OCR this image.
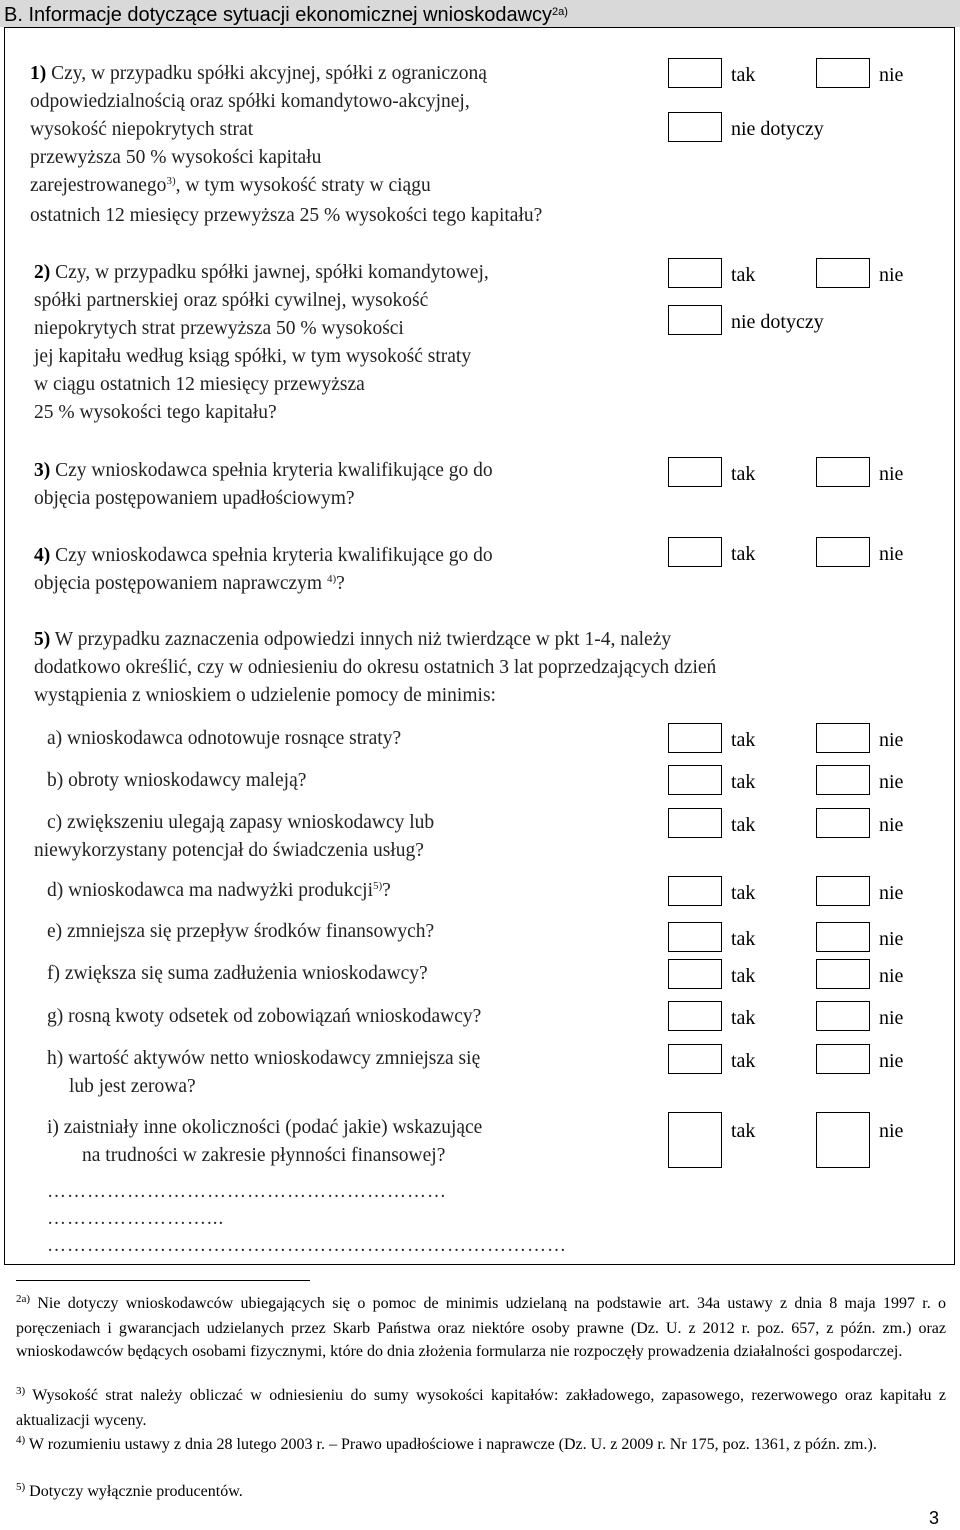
B. Informacje dotyczące sytuacji ekonomicznej wnioskodawcy$^{2a)}$
1) Czy, w przypadku spółki akcyjnej, spółki z ograniczoną
odpowiedzialnością oraz spółki komandytowo-akcyjnej,
wysokość niepokrytych strat
przewyższa 50 % wysokości kapitału
zarejestrowanego$^{3)}$, w tym wysokość straty w ciągu
ostatnich 12 miesięcy przewyższa 25 % wysokości tego kapitału?
tak	nie
nie dotyczy
2) Czy, w przypadku spółki jawnej, spółki komandytowej,
spółki partnerskiej oraz spółki cywilnej, wysokość
niepokrytych strat przewyższa 50 % wysokości
jej kapitału według ksiąg spółki, w tym wysokość straty
w ciągu ostatnich 12 miesięcy przewyższa
25 % wysokości tego kapitału?
tak	nie
nie dotyczy
3) Czy wnioskodawca spełnia kryteria kwalifikujące go do
objęcia postępowaniem upadłościowym?
tak	nie
4) Czy wnioskodawca spełnia kryteria kwalifikujące go do
objęcia postępowaniem naprawczym $^{4)}$?
tak	nie
5) W przypadku zaznaczenia odpowiedzi innych niż twierdzące w pkt 1-4, należy
dodatkowo określić, czy w odniesieniu do okresu ostatnich 3 lat poprzedzających dzień
wystąpienia z wnioskiem o udzielenie pomocy de minimis:
a) wnioskodawca odnotowuje rosnące straty?	tak	nie
b) obroty wnioskodawcy maleją?	tak	nie
c) zwiększeniu ulegają zapasy wnioskodawcy lub
niewykorzystany potencjał do świadczenia usług?
tak	nie
d) wnioskodawca ma nadwyżki produkcji$^{5)}$?	tak	nie
e) zmniejsza się przepływ środków finansowych?	tak	nie
f) zwiększa się suma zadłużenia wnioskodawcy?	tak	nie
g) rosną kwoty odsetek od zobowiązań wnioskodawcy?	tak	nie
h) wartość aktywów netto wnioskodawcy zmniejsza się
lub jest zerowa?
tak	nie
i) zaistniały inne okoliczności (podać jakie) wskazujące
na trudności w zakresie płynności finansowej?
tak	nie
……………………………………………………
……………………...
……………………………………………………………………
$^{2a)}$ Nie dotyczy wnioskodawców ubiegających się o pomoc de minimis udzielaną na podstawie art. 34a ustawy z dnia 8 maja 1997 r. o poręczeniach i gwarancjach udzielanych przez Skarb Państwa oraz niektóre osoby prawne (Dz. U. z 2012 r. poz. 657, z późn. zm.) oraz wnioskodawców będących osobami fizycznymi, które do dnia złożenia formularza nie rozpoczęły prowadzenia działalności gospodarczej.
$^{3)}$ Wysokość strat należy obliczać w odniesieniu do sumy wysokości kapitałów: zakładowego, zapasowego, rezerwowego oraz kapitału z aktualizacji wyceny.
$^{4)}$ W rozumieniu ustawy z dnia 28 lutego 2003 r. – Prawo upadłościowe i naprawcze (Dz. U. z 2009 r. Nr 175, poz. 1361, z późn. zm.).
$^{5)}$ Dotyczy wyłącznie producentów.
3
